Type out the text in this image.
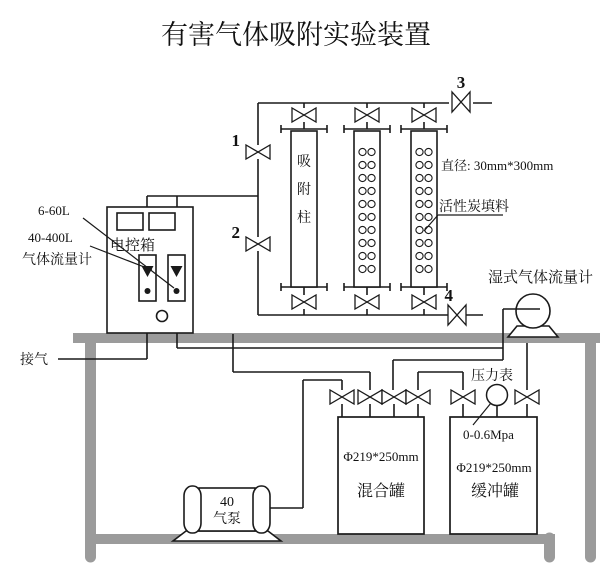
吸
附
柱
直径: 30mm*300mm
活性炭填料
1
2
3
4
电控箱
6-60L
40-400L
气体流量计
接气
湿式气体流量计
Φ219*250mm
混合罐
Φ219*250mm
缓冲罐
压力表
0-0.6Mpa
40
气泵
有害气体吸附实验装置
